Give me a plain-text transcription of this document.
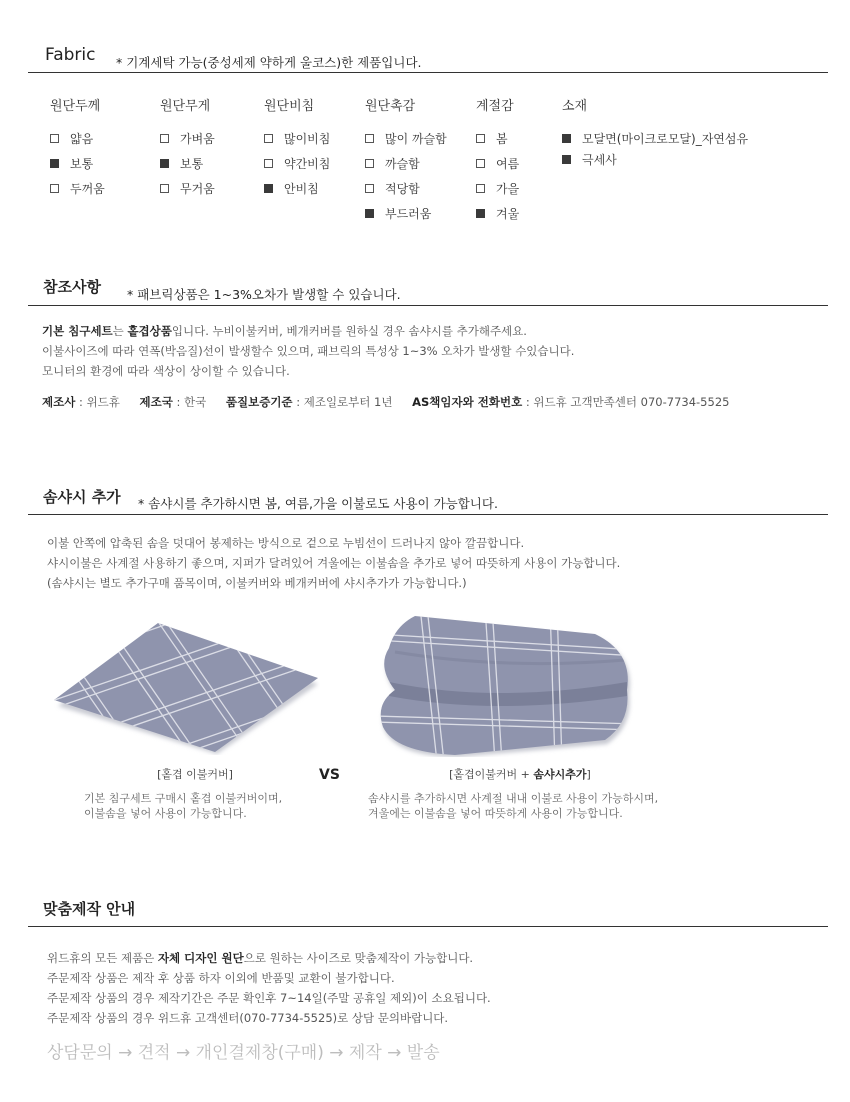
Fabric * 기계세탁 가능(중성세제 약하게 울코스)한 제품입니다.
원단두께
얇음
보통
두꺼움
원단무게
가벼움
보통
무거움
원단비침
많이비침
약간비침
안비침
원단촉감
많이 까슬함
까슬함
적당함
부드러움
계절감
봄
여름
가을
겨울
소재
모달면(마이크로모달)_자연섬유
극세사
참조사항 * 패브릭상품은 1~3%오차가 발생할 수 있습니다.
기본 침구세트는 홑겹상품입니다. 누비이불커버, 베개커버를 원하실 경우 솜샤시를 추가해주세요.
이불사이즈에 따라 연폭(박음질)선이 발생할수 있으며, 패브릭의 특성상 1~3% 오차가 발생할 수있습니다.
모니터의 환경에 따라 색상이 상이할 수 있습니다.
제조사 : 위드휴 제조국 : 한국 품질보증기준 : 제조일로부터 1년 AS책임자와 전화번호 : 위드휴 고객만족센터 070-7734-5525
솜샤시 추가 * 솜샤시를 추가하시면 봄, 여름,가을 이불로도 사용이 가능합니다.
이불 안쪽에 압축된 솜을 덧대어 봉제하는 방식으로 겉으로 누빔선이 드러나지 않아 깔끔합니다.
샤시이불은 사계절 사용하기 좋으며, 지퍼가 달려있어 겨울에는 이불솜을 추가로 넣어 따뜻하게 사용이 가능합니다.
(솜샤시는 별도 추가구매 품목이며, 이불커버와 베개커버에 샤시추가가 가능합니다.)
[홑겹 이불커버]	VS	[홑겹이불커버 + 솜샤시추가]
기본 침구세트 구매시 홑겹 이불커버이며,
이불솜을 넣어 사용이 가능합니다.
솜샤시를 추가하시면 사계절 내내 이불로 사용이 가능하시며,
겨울에는 이불솜을 넣어 따뜻하게 사용이 가능합니다.
맞춤제작 안내
위드휴의 모든 제품은 자체 디자인 원단으로 원하는 사이즈로 맞춤제작이 가능합니다.
주문제작 상품은 제작 후 상품 하자 이외에 반품및 교환이 불가합니다.
주문제작 상품의 경우 제작기간은 주문 확인후 7~14일(주말 공휴일 제외)이 소요됩니다.
주문제작 상품의 경우 위드휴 고객센터(070-7734-5525)로 상담 문의바랍니다.
상담문의 → 견적 → 개인결제창(구매) → 제작 → 발송
